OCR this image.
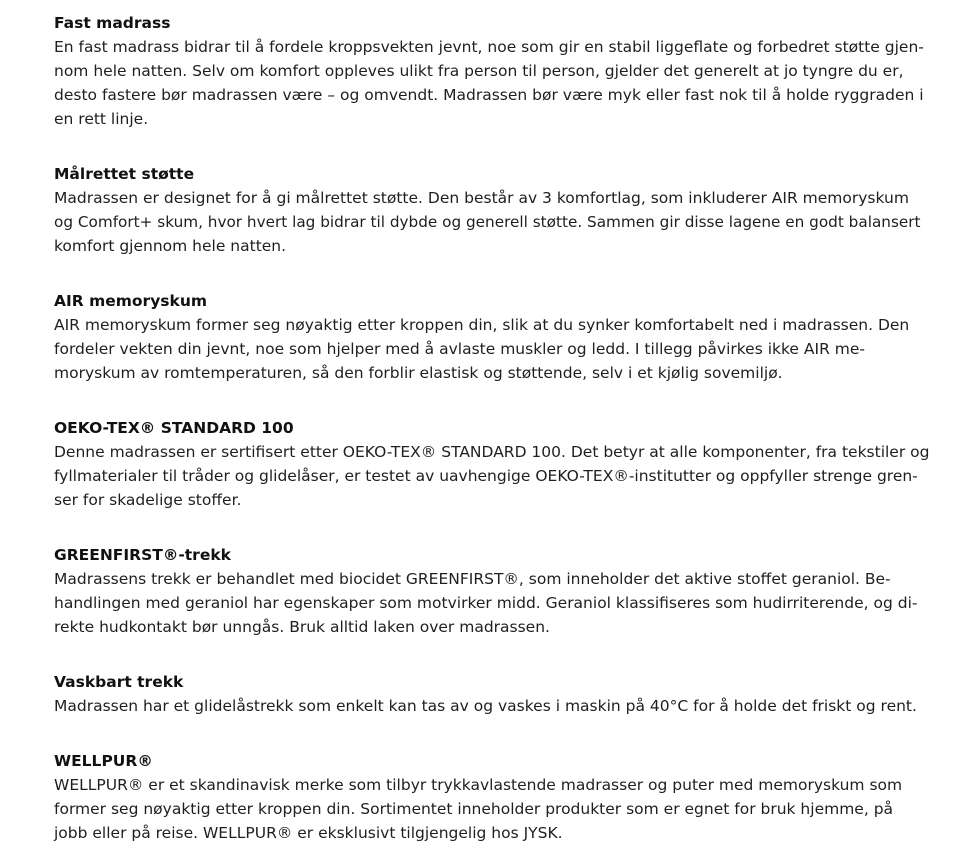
Fast madrass

En fast madrass bidrar til å fordele kroppsvekten jevnt, noe som gir en stabil liggeflate og forbedret støtte gjen-

nom hele natten. Selv om komfort oppleves ulikt fra person til person, gjelder det generelt at jo tyngre du er,

desto fastere bør madrassen være – og omvendt. Madrassen bør være myk eller fast nok til å holde ryggraden i

en rett linje.

Målrettet støtte

Madrassen er designet for å gi målrettet støtte. Den består av 3 komfortlag, som inkluderer AIR memoryskum

og Comfort+ skum, hvor hvert lag bidrar til dybde og generell støtte. Sammen gir disse lagene en godt balansert

komfort gjennom hele natten.

AIR memoryskum

AIR memoryskum former seg nøyaktig etter kroppen din, slik at du synker komfortabelt ned i madrassen. Den

fordeler vekten din jevnt, noe som hjelper med å avlaste muskler og ledd. I tillegg påvirkes ikke AIR me-

moryskum av romtemperaturen, så den forblir elastisk og støttende, selv i et kjølig sovemiljø.

OEKO-TEX® STANDARD 100

Denne madrassen er sertifisert etter OEKO-TEX® STANDARD 100. Det betyr at alle komponenter, fra tekstiler og

fyllmaterialer til tråder og glidelåser, er testet av uavhengige OEKO-TEX®-institutter og oppfyller strenge gren-

ser for skadelige stoffer.

GREENFIRST®-trekk

Madrassens trekk er behandlet med biocidet GREENFIRST®, som inneholder det aktive stoffet geraniol. Be-

handlingen med geraniol har egenskaper som motvirker midd. Geraniol klassifiseres som hudirriterende, og di-

rekte hudkontakt bør unngås. Bruk alltid laken over madrassen.

Vaskbart trekk

Madrassen har et glidelåstrekk som enkelt kan tas av og vaskes i maskin på 40°C for å holde det friskt og rent.

WELLPUR®

WELLPUR® er et skandinavisk merke som tilbyr trykkavlastende madrasser og puter med memoryskum som

former seg nøyaktig etter kroppen din. Sortimentet inneholder produkter som er egnet for bruk hjemme, på

jobb eller på reise. WELLPUR® er eksklusivt tilgjengelig hos JYSK.
